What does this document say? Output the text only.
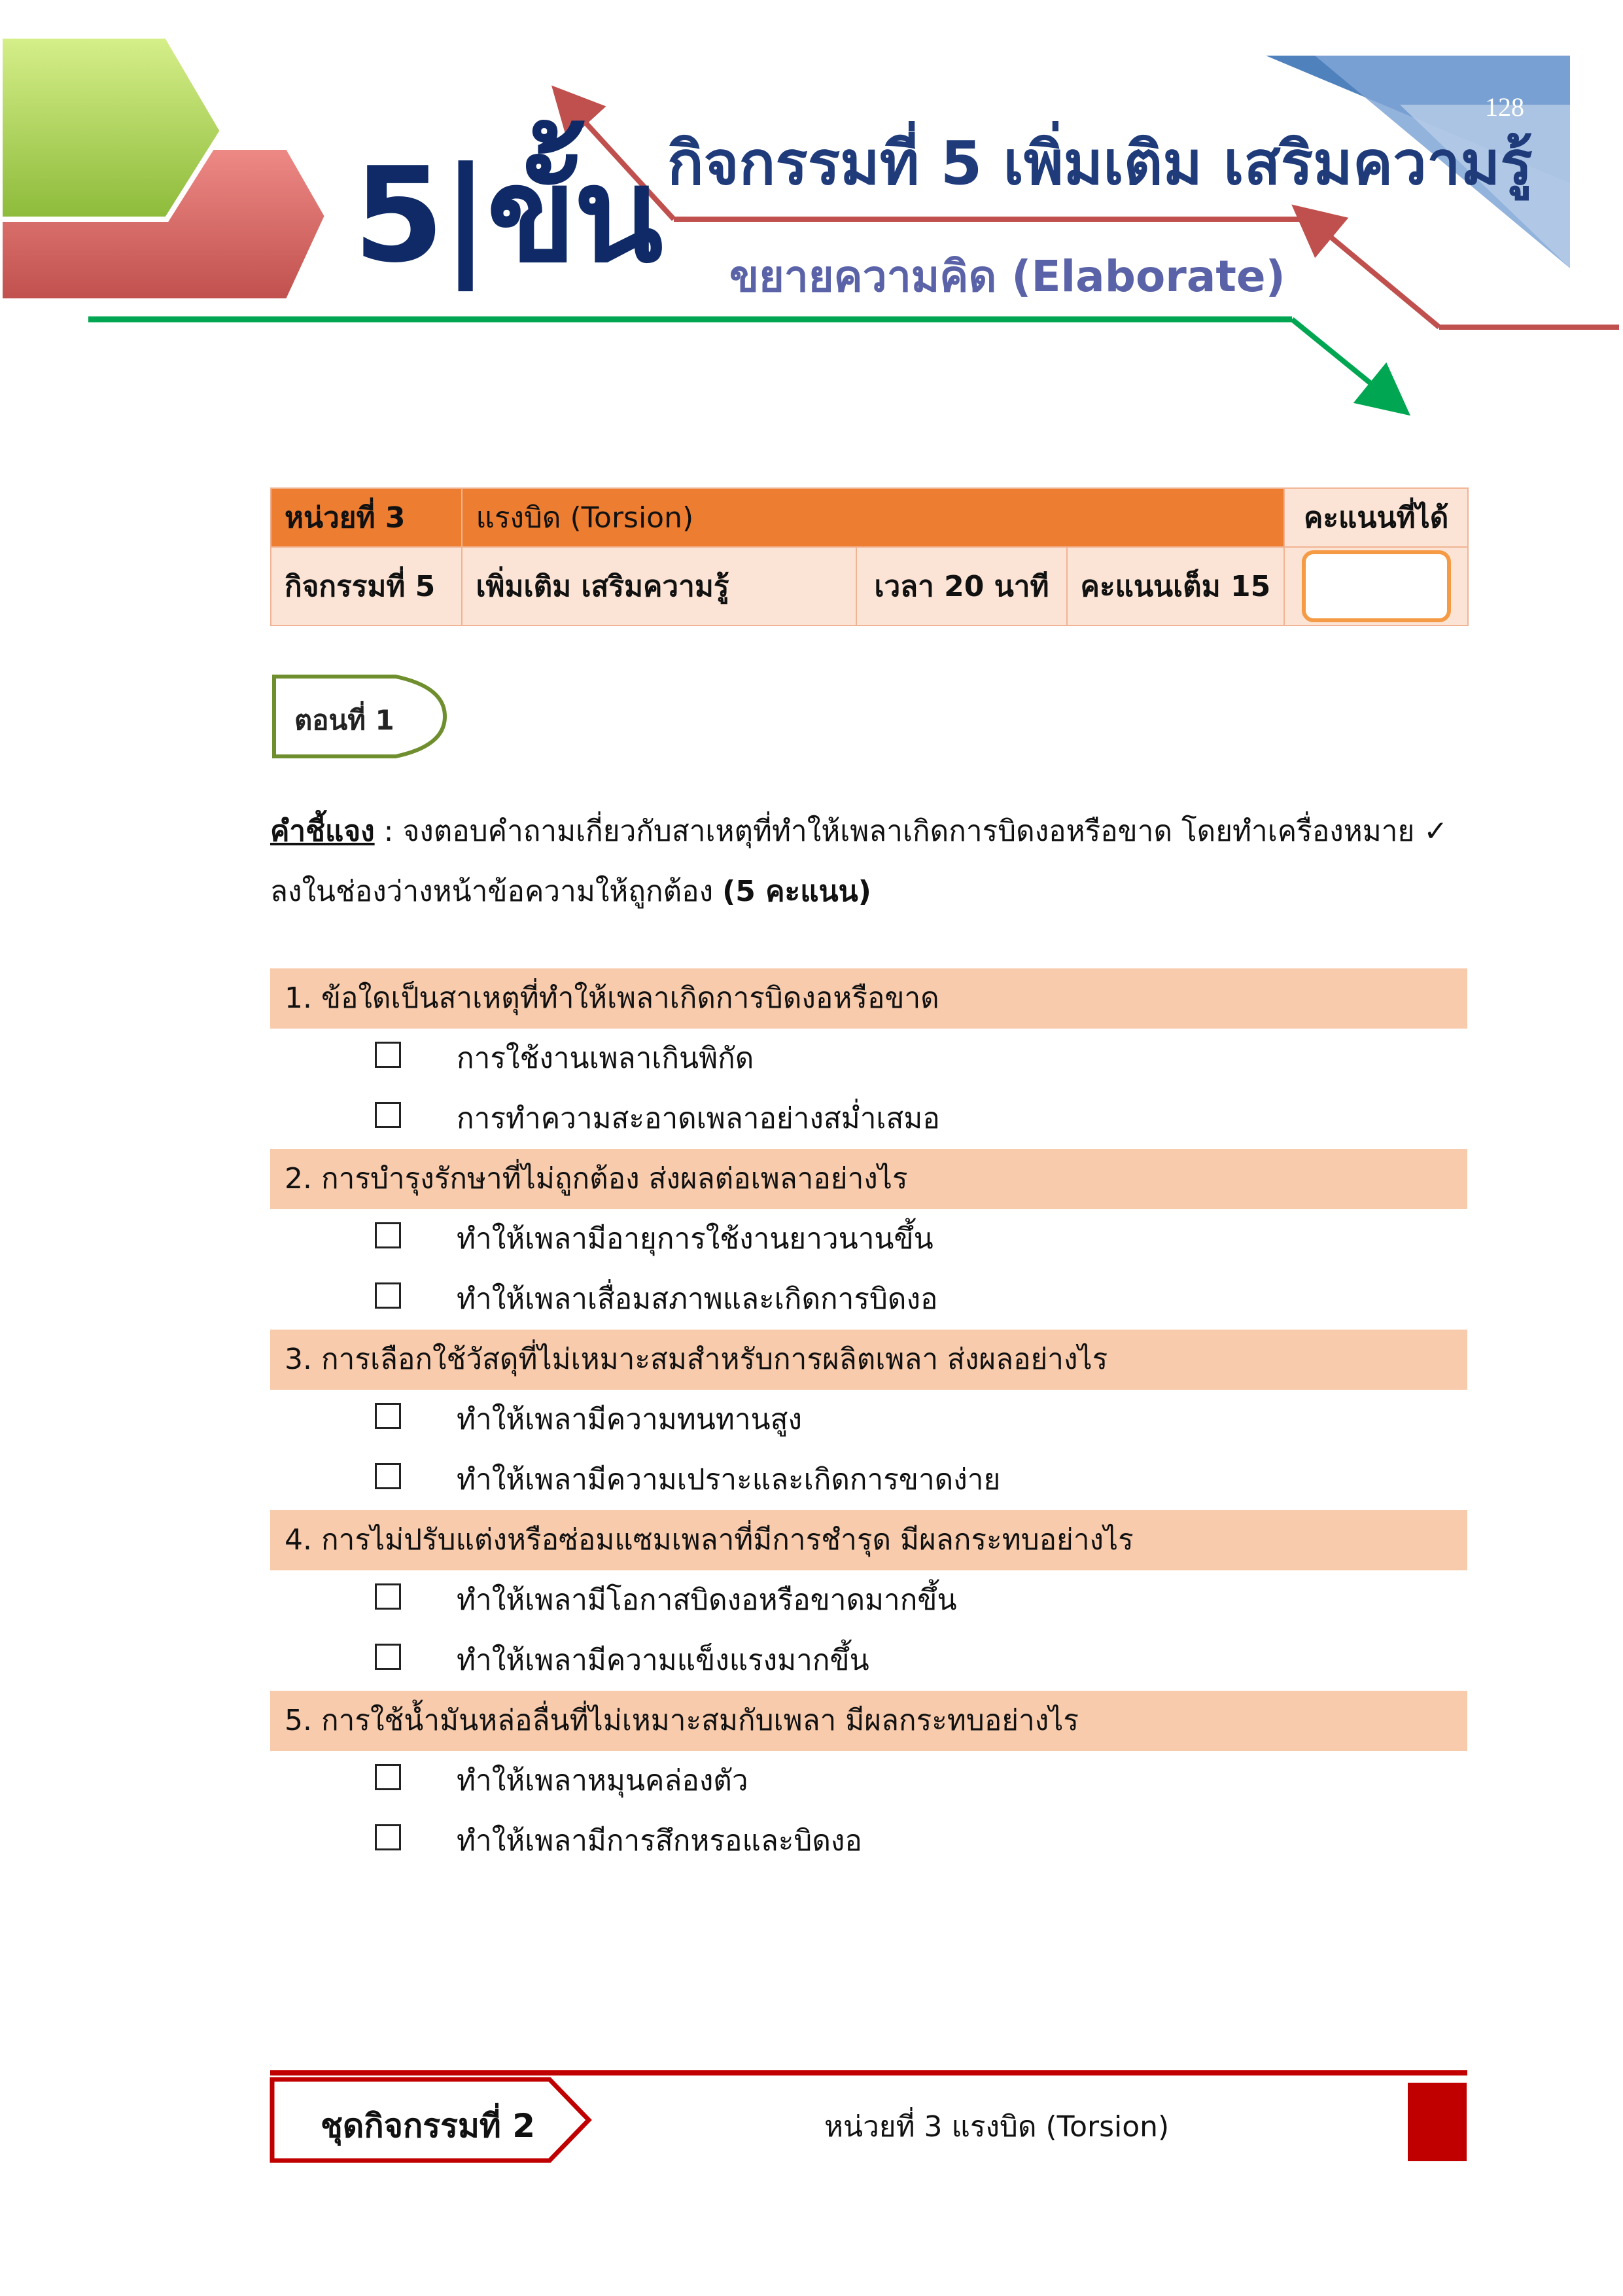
128
5|ขั้น กิจกรรมที่ 5 เพิ่มเติม เสริมความรู้
ขยายความคิด (Elaborate)
หน่วยที่ 3	แรงบิด (Torsion)			คะแนนที่ได้
กิจกรรมที่ 5	เพิ่มเติม เสริมความรู้	เวลา 20 นาที	คะแนนเต็ม 15	
ตอนที่ 1
คำชี้แจง : จงตอบคำถามเกี่ยวกับสาเหตุที่ทำให้เพลาเกิดการบิดงอหรือขาด โดยทำเครื่องหมาย ✓ ลงในช่องว่างหน้าข้อความให้ถูกต้อง (5 คะแนน)
1. ข้อใดเป็นสาเหตุที่ทำให้เพลาเกิดการบิดงอหรือขาด
การใช้งานเพลาเกินพิกัด
การทำความสะอาดเพลาอย่างสม่ำเสมอ
2. การบำรุงรักษาที่ไม่ถูกต้อง ส่งผลต่อเพลาอย่างไร
ทำให้เพลามีอายุการใช้งานยาวนานขึ้น
ทำให้เพลาเสื่อมสภาพและเกิดการบิดงอ
3. การเลือกใช้วัสดุที่ไม่เหมาะสมสำหรับการผลิตเพลา ส่งผลอย่างไร
ทำให้เพลามีความทนทานสูง
ทำให้เพลามีความเปราะและเกิดการขาดง่าย
4. การไม่ปรับแต่งหรือซ่อมแซมเพลาที่มีการชำรุด มีผลกระทบอย่างไร
ทำให้เพลามีโอกาสบิดงอหรือขาดมากขึ้น
ทำให้เพลามีความแข็งแรงมากขึ้น
5. การใช้น้ำมันหล่อลื่นที่ไม่เหมาะสมกับเพลา มีผลกระทบอย่างไร
ทำให้เพลาหมุนคล่องตัว
ทำให้เพลามีการสึกหรอและบิดงอ
ชุดกิจกรรมที่ 2	หน่วยที่ 3 แรงบิด (Torsion)
